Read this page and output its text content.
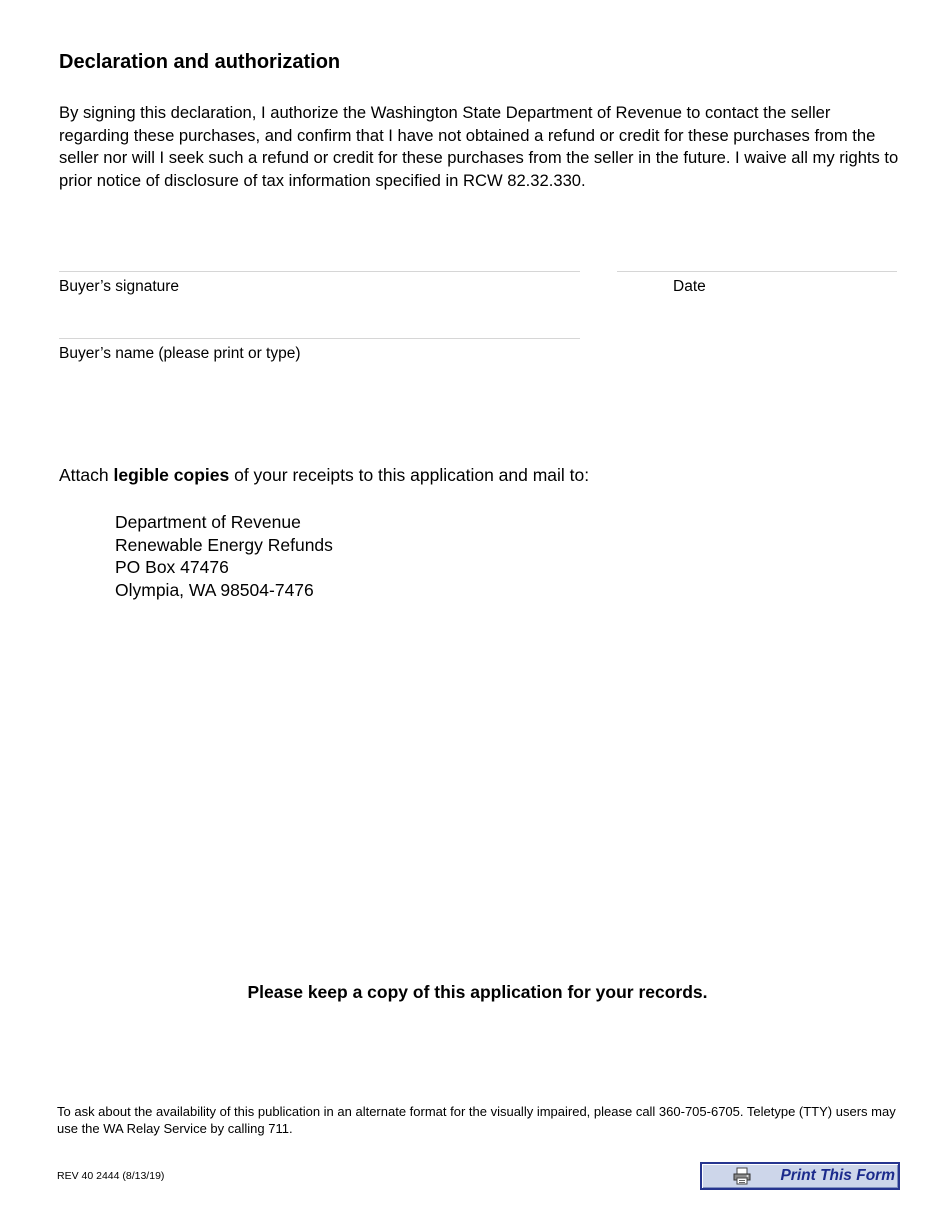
Declaration and authorization

By signing this declaration, I authorize the Washington State Department of Revenue to contact the seller regarding these purchases, and confirm that I have not obtained a refund or credit for these purchases from the seller nor will I seek such a refund or credit for these purchases from the seller in the future. I waive all my rights to prior notice of disclosure of tax information specified in RCW 82.32.330.

Buyer’s signature	Date
Buyer’s name (please print or type)
Attach legible copies of your receipts to this application and mail to:
Department of Revenue
Renewable Energy Refunds
PO Box 47476
Olympia, WA 98504-7476
Please keep a copy of this application for your records.
To ask about the availability of this publication in an alternate format for the visually impaired, please call 360-705-6705. Teletype (TTY) users may use the WA Relay Service by calling 711.
REV 40 2444 (8/13/19)	Print This Form
